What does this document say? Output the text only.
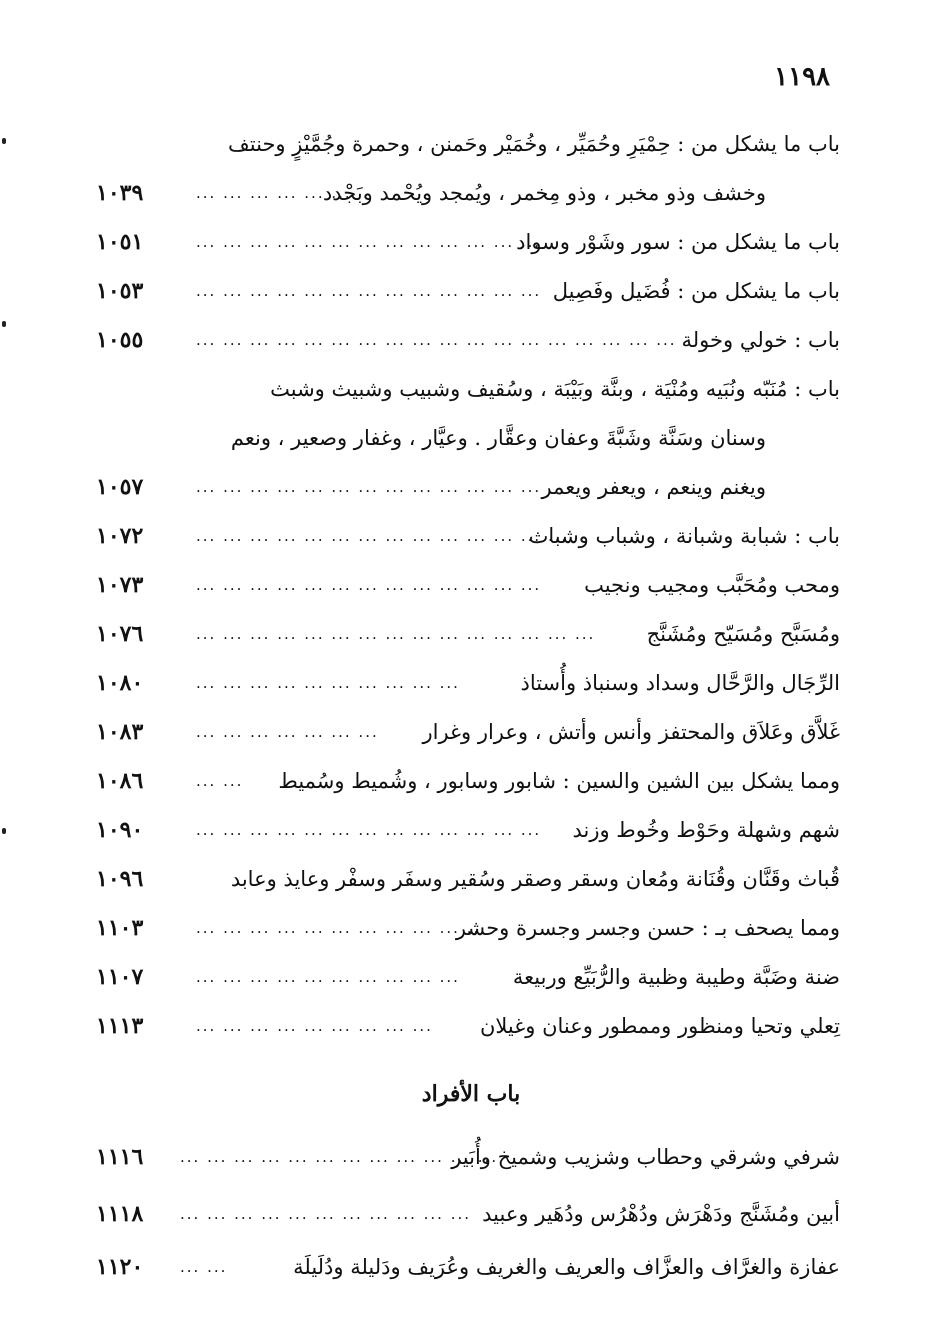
١١٩٨
باب ما يشكل من : حِمْيَرِ وحُمَيِّر ، وخُمَيْر وحَمنن ، وحمرة وجُمَّيْزٍ وحنتف
وخشف وذو مخبر ، وذو مِخمر ، ويُمجد ويُحْمد وبَجْدد
... ... ... ... ... ...
١٠٣٩
باب ما يشكل من : سور وشَوْر وسواد
... ... ... ... ... ... ... ... ... ... ... ... ...
١٠٥١
باب ما يشكل من : فُضَيل وفَصِيل
... ... ... ... ... ... ... ... ... ... ... ... ...
١٠٥٣
باب : خولي وخولة
... ... ... ... ... ... ... ... ... ... ... ... ... ... ... ... ... ...
١٠٥٥
باب : مُنَبّه ونُبَيه ومُنْيَة ، وبنَّة وبَيْبَة ، وسُقيف وشبيب وشبيث وشبث
وسنان وسَنَّة وشَبَّةَ وعفان وعقَّار . وعيَّار ، وغفار وصعير ، ونعم
ويغنم وينعم ، ويعفر ويعمر
... ... ... ... ... ... ... ... ... ... ... ... ...
١٠٥٧
باب : شبابة وشبانة ، وشباب وشباث
... ... ... ... ... ... ... ... ... ... ... ... ... ...
١٠٧٢
ومحب ومُحَبَّب ومجيب ونجيب
... ... ... ... ... ... ... ... ... ... ... ... ...
١٠٧٣
ومُسَبَّح ومُسَيّح ومُشَنَّج
... ... ... ... ... ... ... ... ... ... ... ... ... ... ...
١٠٧٦
الرِّجَال والرَّحَّال وسداد وسنباذ وأُستاذ
... ... ... ... ... ... ... ... ... ...
١٠٨٠
غَلاَّق وعَلاَق والمحتفز وأنس وأتش ، وعرار وغرار
... ... ... ... ... ... ...
١٠٨٣
ومما يشكل بين الشين والسين : شابور وسابور ، وشُميط وسُميط
... ...
١٠٨٦
شهم وشهلة وحَوْط وخُوط وزند
... ... ... ... ... ... ... ... ... ... ... ... ...
١٠٩٠
قُباث وقَنَّان وقُنَانة ومُعان وسقر وصقر وسُقير وسفَر وسفْر وعايذ وعابد
١٠٩٦
ومما يصحف بـ : حسن وجسر وجسرة وحشر
... ... ... ... ... ... ... ... ... ... ...
١١٠٣
ضنة وضَبَّة وطيبة وظبية والرُّبَيِّع وربيعة
... ... ... ... ... ... ... ... ... ...
١١٠٧
تِعلي وتحيا ومنظور وممطور وعنان وغيلان
... ... ... ... ... ... ... ... ...
١١١٣
باب الأفراد
شرفي وشرقي وحطاب وشزيب وشميخ وأُبَير
... ... ... ... ... ... ... ... ... ... ... ...
١١١٦
أبين ومُشَنَّج ودَهْرَش ودُهْرُس ودُهَير وعبيد
... ... ... ... ... ... ... ... ... ... ...
١١١٨
عفازة والغرَّاف والعزَّاف والعريف والغريف وعُرَيف ودَليلة ودُلَيلَة
... ...
١١٢٠
